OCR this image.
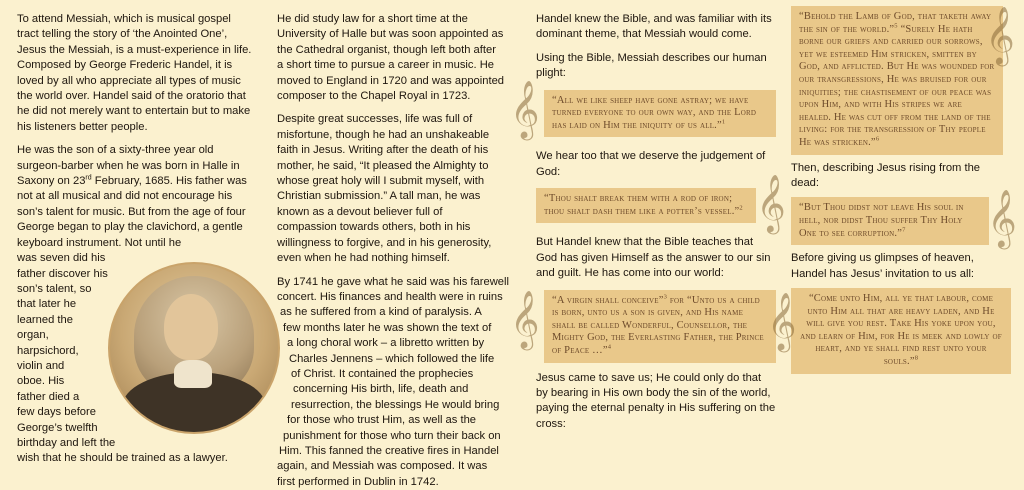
To attend Messiah, which is musical gospel tract telling the story of ‘the Anointed One’, Jesus the Messiah, is a must-experience in life. Composed by George Frederic Handel, it is loved by all who appreciate all types of music the world over. Handel said of the oratorio that he did not merely want to entertain but to make his listeners better people.

He was the son of a sixty-three year old surgeon-barber when he was born in Halle in Saxony on 23rd February, 1685. His father was not at all musical and did not encourage his son’s talent for music. But from the age of four George began to play the clavichord, a gentle keyboard instrument. Not until he

was seven did his
father discover his
son’s talent, so
that later he
learned the
organ,
harpsichord,
violin and
oboe. His
father died a
few days before
George’s twelfth
birthday and left the
wish that he should be trained as a lawyer.

He did study law for a short time at the University of Halle but was soon appointed as the Cathedral organist, though left both after a short time to pursue a career in music. He moved to England in 1720 and was appointed composer to the Chapel Royal in 1723.

Despite great successes, life was full of misfortune, though he had an unshakeable faith in Jesus. Writing after the death of his mother, he said, “It pleased the Almighty to whose great holy will I submit myself, with Christian submission.” A tall man, he was known as a devout believer full of compassion towards others, both in his willingness to forgive, and in his generosity, even when he had nothing himself.

By 1741 he gave what he said was his farewell
concert. His finances and health were in ruins
as he suffered from a kind of paralysis. A
few months later he was shown the text of
a long choral work – a libretto written by
Charles Jennens – which followed the life
of Christ. It contained the prophecies
concerning His birth, life, death and
resurrection, the blessings He would bring
for those who trust Him, as well as the
punishment for those who turn their back on
Him. This fanned the creative fires in Handel
again, and Messiah was composed. It was
first performed in Dublin in 1742.

Handel knew the Bible, and was familiar with its dominant theme, that Messiah would come.

Using the Bible, Messiah describes our human plight:

𝄞 “All we like sheep have gone astray; we have turned everyone to our own way, and the Lord has laid on Him the iniquity of us all.”$^1$

We hear too that we deserve the judgement of God:

𝄞
“Thou shalt break them with a rod of iron; thou shalt dash them like a potter’s vessel.”$^2$

But Handel knew that the Bible teaches that God has given Himself as the answer to our sin and guilt. He has come into our world:

𝄞 “A virgin shall conceive”$^3$ for “Unto us a child is born, unto us a son is given, and His name shall be called Wonderful, Counsellor, the Mighty God, the Everlasting Father, the Prince of Peace …”$^4$

Jesus came to save us; He could only do that by bearing in His own body the sin of the world, paying the eternal penalty in His suffering on the cross:

𝄞
“Behold the Lamb of God, that taketh away the sin of the world.”$^5$ “Surely He hath borne our griefs and carried our sorrows, yet we esteemed Him stricken, smitten by God, and afflicted. But He was wounded for our transgressions, He was bruised for our iniquities; the chastisement of our peace was upon Him, and with His stripes we are healed. He was cut off from the land of the living: for the transgression of Thy people He was stricken.”$^6$

Then, describing Jesus rising from the dead:

𝄞
“But Thou didst not leave His soul in hell, nor didst Thou suffer Thy Holy One to see corruption.”$^7$

Before giving us glimpses of heaven, Handel has Jesus’ invitation to us all:

𝄞 “Come unto Him, all ye that labour, come unto Him all that are heavy laden, and He will give you rest. Take His yoke upon you, and learn of Him, for He is meek and lowly of heart, and ye shall find rest unto your souls.”$^8$
